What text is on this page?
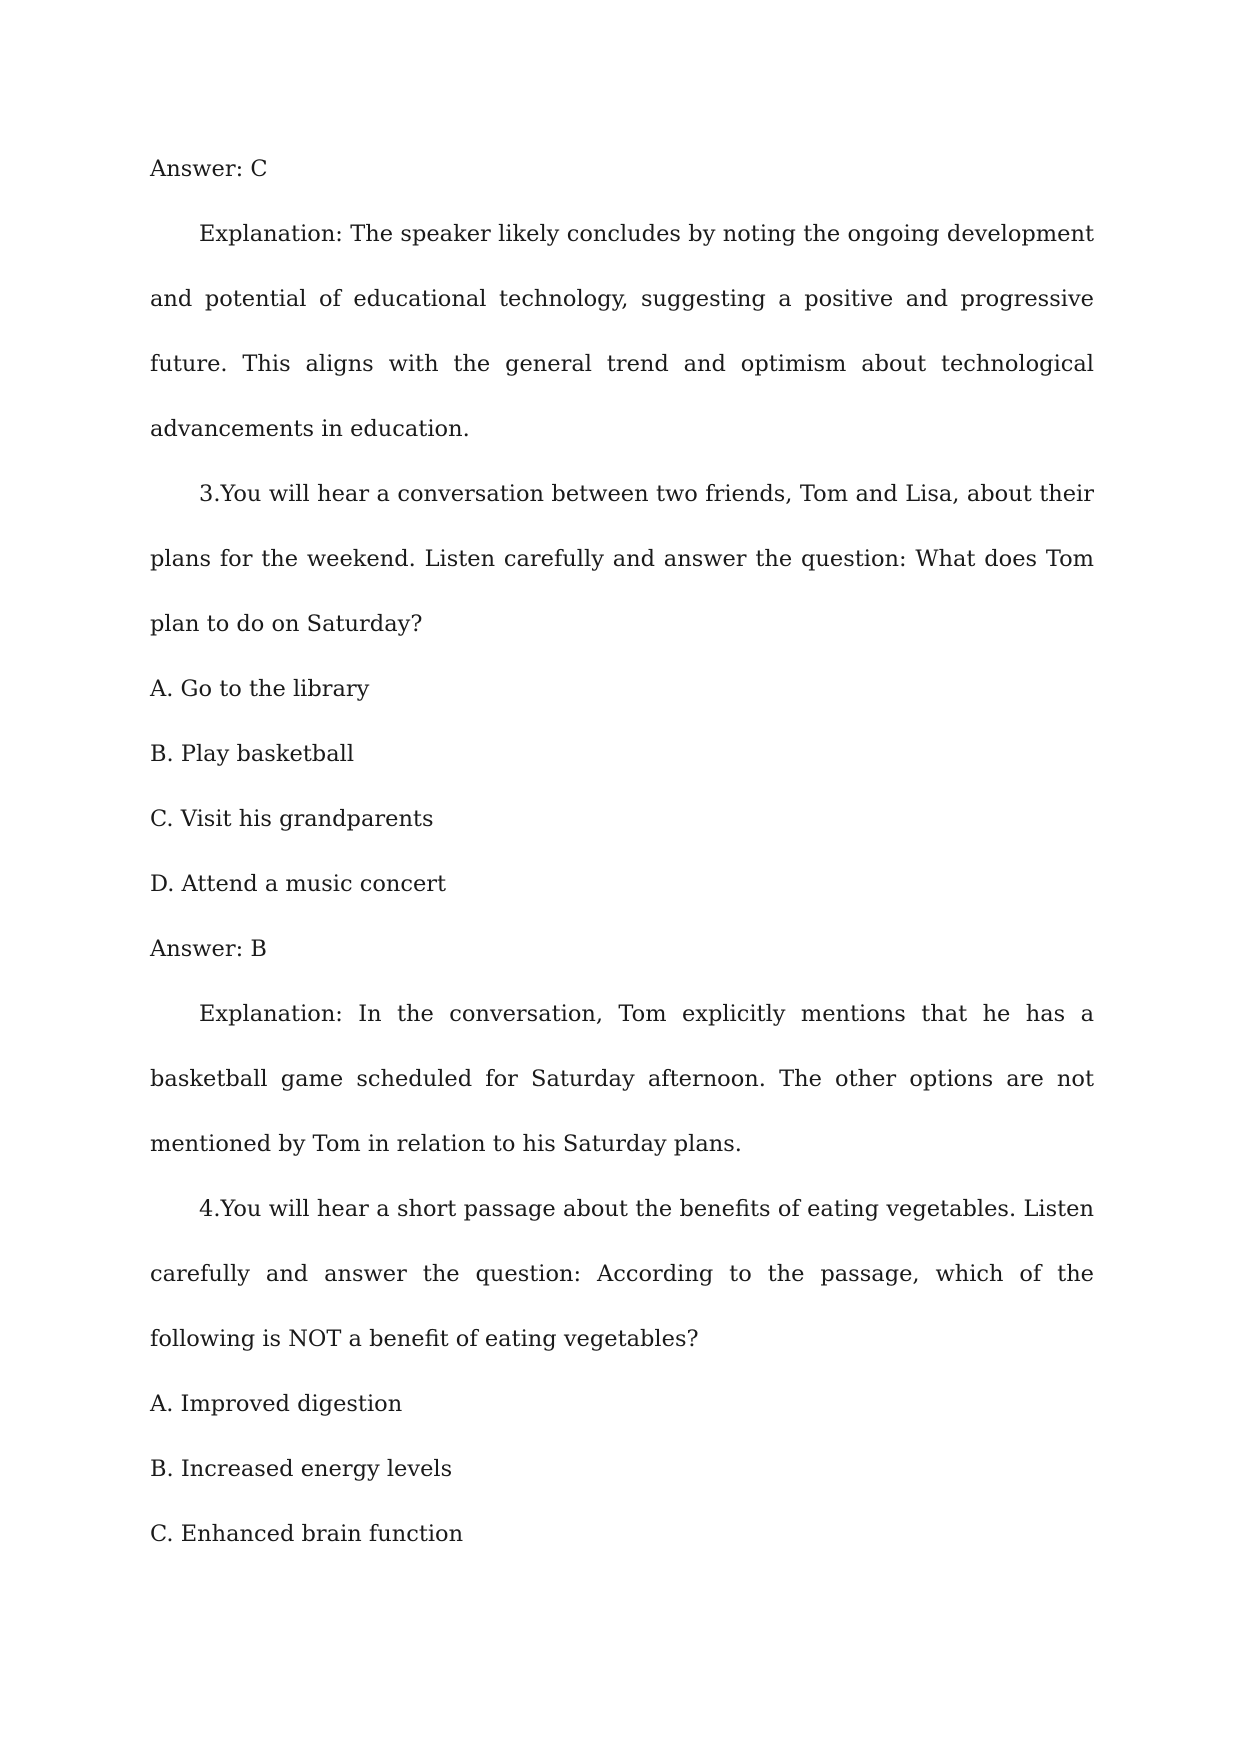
Answer: C

Explanation: The speaker likely concludes by noting the ongoing development and potential of educational technology, suggesting a positive and progressive future. This aligns with the general trend and optimism about technological advancements in education.

3.You will hear a conversation between two friends, Tom and Lisa, about their plans for the weekend. Listen carefully and answer the question: What does Tom plan to do on Saturday?

A. Go to the library

B. Play basketball

C. Visit his grandparents

D. Attend a music concert

Answer: B

Explanation: In the conversation, Tom explicitly mentions that he has a basketball game scheduled for Saturday afternoon. The other options are not mentioned by Tom in relation to his Saturday plans.

4.You will hear a short passage about the benefits of eating vegetables. Listen carefully and answer the question: According to the passage, which of the following is NOT a benefit of eating vegetables?

A. Improved digestion

B. Increased energy levels

C. Enhanced brain function
